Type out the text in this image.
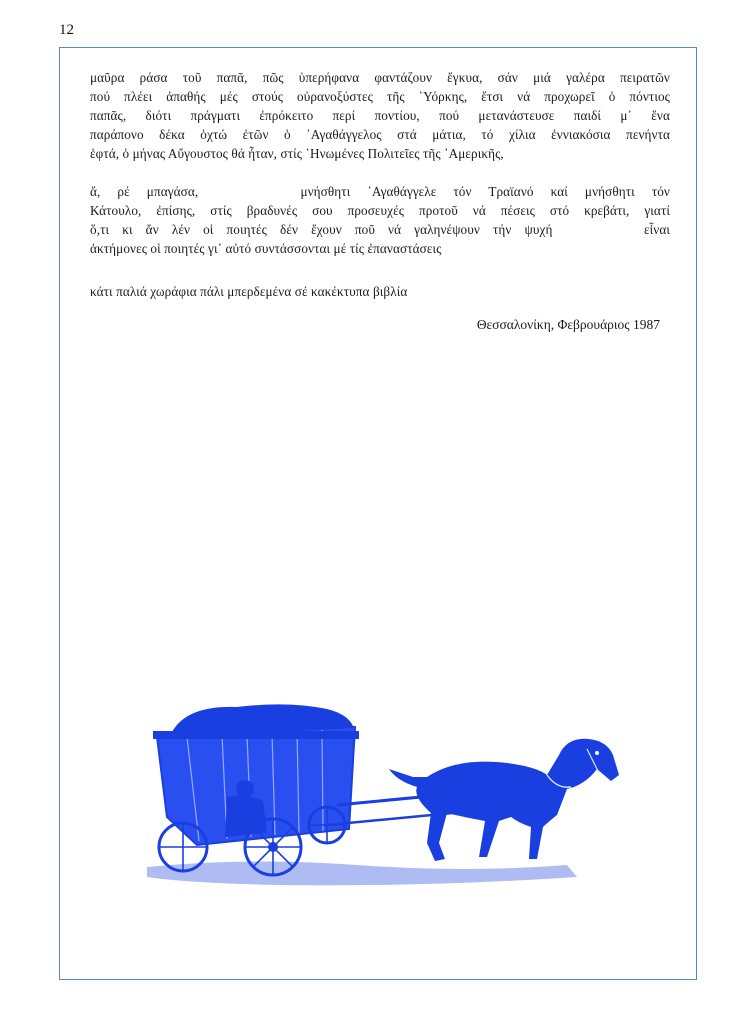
12

μαῦρα ράσα τοῦ παπᾶ, πῶς ὑπερήφανα φαντάζουν ἔγκυα, σάν μιά γαλέρα πειρατῶν

πού πλέει ἀπαθής μές στούς οὐρανοξύστες τῆς ῾Υόρκης, ἔτσι νά προχωρεῖ ὁ πόντιος

παπᾶς, διότι πράγματι ἐπρόκειτο περί ποντίου, πού μετανάστευσε παιδί μ᾿ ἕνα

παράπονο δέκα ὀχτώ ἐτῶν ὁ ᾿Αγαθάγγελος στά μάτια, τό χίλια ἐννιακόσια πενήντα

ἑφτά, ὁ μήνας Αὔγουστος θά ἦταν, στίς ῾Ηνωμένες Πολιτεῖες τῆς ᾿Αμερικῆς,

ἄ, ρέ μπαγάσα,      μνήσθητι ᾿Αγαθάγγελε τόν Τραϊανό καί μνήσθητι τόν

Κάτουλο, ἐπίσης, στίς βραδυνές σου προσευχές προτοῦ νά πέσεις στό κρεβάτι, γιατί

ὅ,τι κι ἄν λέν οἱ ποιητές δέν ἔχουν ποῦ νά γαληνέψουν τήν ψυχή       εἶναι

ἀκτήμονες οἱ ποιητές γι᾿ αὐτό συντάσσονται μέ τίς ἐπαναστάσεις

κάτι παλιά χωράφια πάλι μπερδεμένα σέ κακέκτυπα βιβλία

Θεσσαλονίκη, Φεβρουάριος 1987
